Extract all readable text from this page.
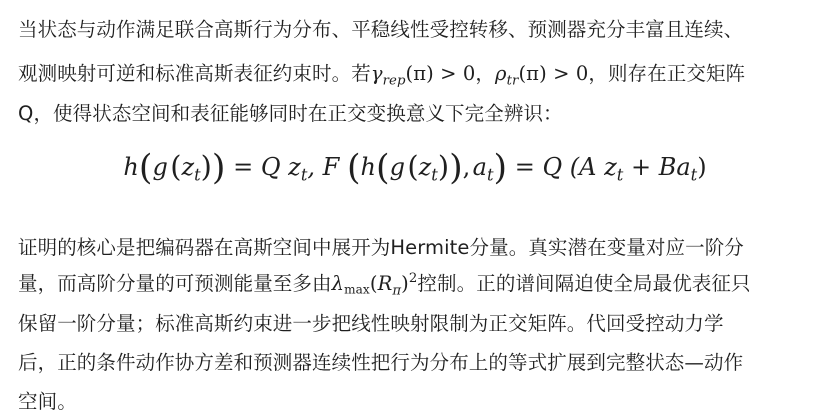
当状态与动作满足联合高斯行为分布、平稳线性受控转移、预测器充分丰富且连续、
观测映射可逆和标准高斯表征约束时。若$\gamma_{rep}(\pi) > 0$，$\rho_{tr}(\pi) > 0$，则存在正交矩阵
Q，使得状态空间和表征能够同时在正交变换意义下完全辨识：
h(g $(z_t)) = Q$ $z_t$, F (h(g $(z_t)$), $a_t) = Q$ (A $z_t + Ba_t$)
证明的核心是把编码器在高斯空间中展开为Hermite分量。真实潜在变量对应一阶分
量，而高阶分量的可预测能量至多由$\lambda\max(R_\pi)^2$控制。正的谱间隔迫使全局最优表征只
保留一阶分量；标准高斯约束进一步把线性映射限制为正交矩阵。代回受控动力学
后，正的条件动作协方差和预测器连续性把行为分布上的等式扩展到完整状态—动作
空间。
